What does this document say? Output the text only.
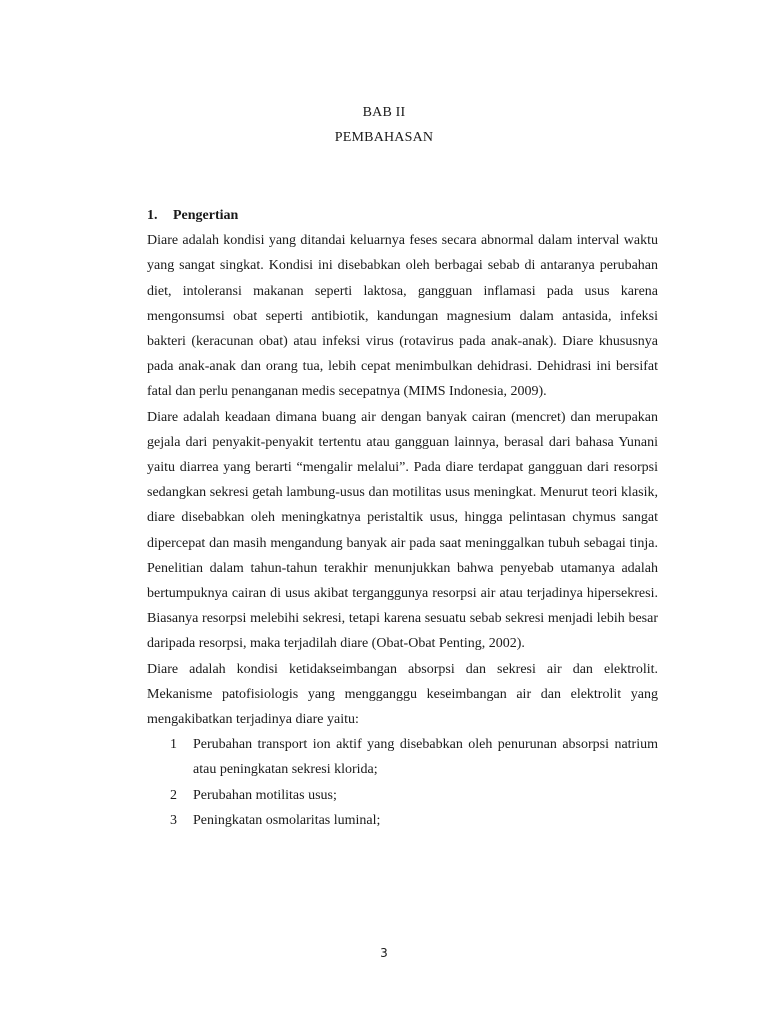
BAB II
PEMBAHASAN
1. Pengertian

Diare adalah kondisi yang ditandai keluarnya feses secara abnormal dalam interval waktu yang sangat singkat. Kondisi ini disebabkan oleh berbagai sebab di antaranya perubahan diet, intoleransi makanan seperti laktosa, gangguan inflamasi pada usus karena mengonsumsi obat seperti antibiotik, kandungan magnesium dalam antasida, infeksi bakteri (keracunan obat) atau infeksi virus (rotavirus pada anak-anak). Diare khususnya pada anak-anak dan orang tua, lebih cepat menimbulkan dehidrasi. Dehidrasi ini bersifat fatal dan perlu penanganan medis secepatnya (MIMS Indonesia, 2009).

Diare adalah keadaan dimana buang air dengan banyak cairan (mencret) dan merupakan gejala dari penyakit-penyakit tertentu atau gangguan lainnya, berasal dari bahasa Yunani yaitu diarrea yang berarti “mengalir melalui”. Pada diare terdapat gangguan dari resorpsi sedangkan sekresi getah lambung-usus dan motilitas usus meningkat. Menurut teori klasik, diare disebabkan oleh meningkatnya peristaltik usus, hingga pelintasan chymus sangat dipercepat dan masih mengandung banyak air pada saat meninggalkan tubuh sebagai tinja. Penelitian dalam tahun-tahun terakhir menunjukkan bahwa penyebab utamanya adalah bertumpuknya cairan di usus akibat terganggunya resorpsi air atau terjadinya hipersekresi. Biasanya resorpsi melebihi sekresi, tetapi karena sesuatu sebab sekresi menjadi lebih besar daripada resorpsi, maka terjadilah diare (Obat-Obat Penting, 2002).

Diare adalah kondisi ketidakseimbangan absorpsi dan sekresi air dan elektrolit. Mekanisme patofisiologis yang mengganggu keseimbangan air dan elektrolit yang mengakibatkan terjadinya diare yaitu:

1	Perubahan transport ion aktif yang disebabkan oleh penurunan absorpsi natrium atau peningkatan sekresi klorida;
2	Perubahan motilitas usus;
3	Peningkatan osmolaritas luminal;
3
